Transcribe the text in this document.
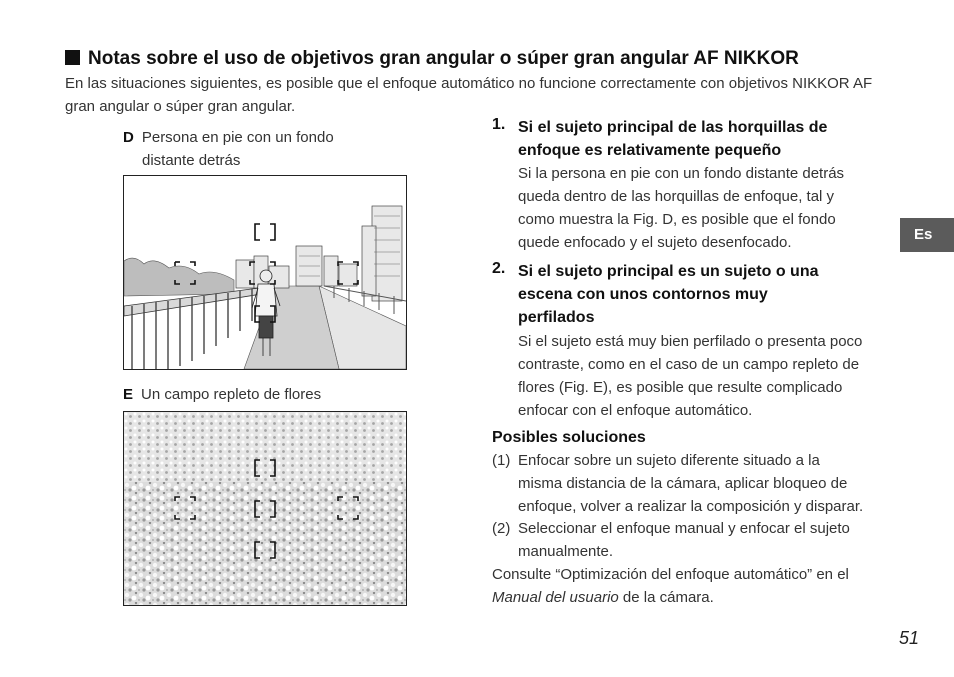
Notas sobre el uso de objetivos gran angular o súper gran angular AF NIKKOR
En las situaciones siguientes, es posible que el enfoque automático no funcione correctamente con objetivos NIKKOR AF gran angular o súper gran angular.
D Persona en pie con un fondo
distante detrás
E Un campo repleto de flores
1. Si el sujeto principal de las horquillas de
enfoque es relativamente pequeño
Si la persona en pie con un fondo distante detrás
queda dentro de las horquillas de enfoque, tal y
como muestra la Fig. D, es posible que el fondo
quede enfocado y el sujeto desenfocado.
2. Si el sujeto principal es un sujeto o una
escena con unos contornos muy
perfilados
Si el sujeto está muy bien perfilado o presenta poco
contraste, como en el caso de un campo repleto de
flores (Fig. E), es posible que resulte complicado
enfocar con el enfoque automático.
Posibles soluciones
(1) Enfocar sobre un sujeto diferente situado a la
misma distancia de la cámara, aplicar bloqueo de
enfoque, volver a realizar la composición y disparar.
(2) Seleccionar el enfoque manual y enfocar el sujeto
manualmente.
Consulte “Optimización del enfoque automático” en el
Manual del usuario de la cámara.
Es
51
